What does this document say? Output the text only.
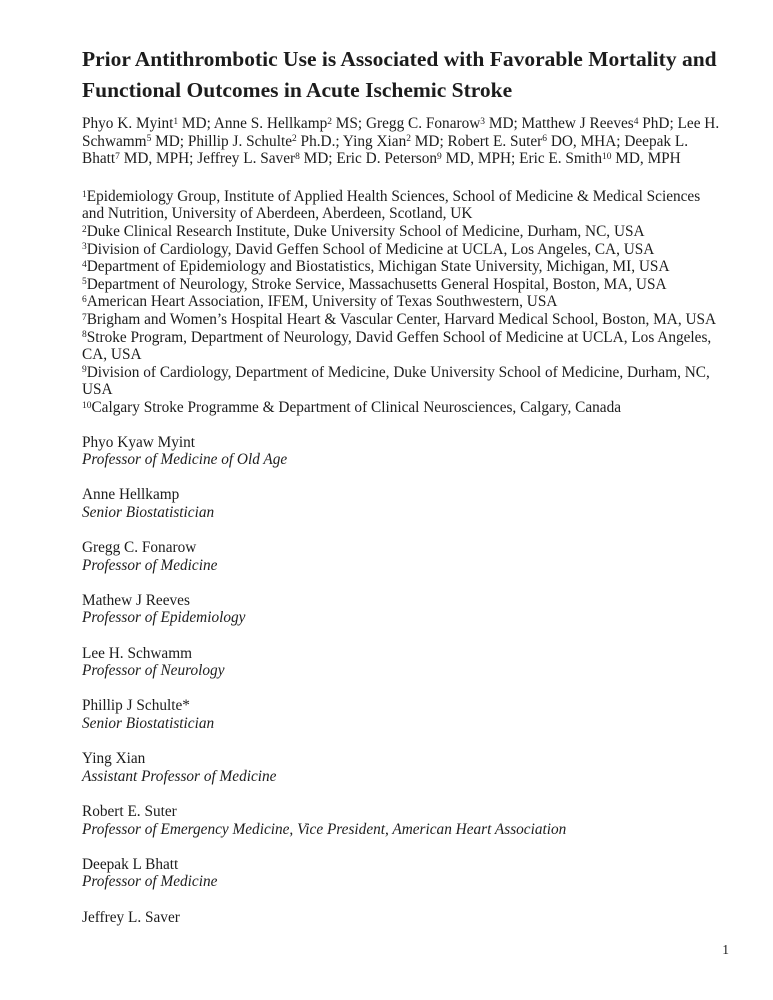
Prior Antithrombotic Use is Associated with Favorable Mortality and Functional Outcomes in Acute Ischemic Stroke

Phyo K. Myint$^1$ MD; Anne S. Hellkamp$^2$ MS; Gregg C. Fonarow$^3$ MD; Matthew J Reeves$^4$ PhD; Lee H. Schwamm$^5$ MD; Phillip J. Schulte$^2$ Ph.D.; Ying Xian$^2$ MD; Robert E. Suter$^6$ DO, MHA; Deepak L. Bhatt$^7$ MD, MPH; Jeffrey L. Saver$^8$ MD; Eric D. Peterson$^9$ MD, MPH; Eric E. Smith$^{10}$ MD, MPH

$^1$Epidemiology Group, Institute of Applied Health Sciences, School of Medicine & Medical Sciences and Nutrition, University of Aberdeen, Aberdeen, Scotland, UK
$^2$Duke Clinical Research Institute, Duke University School of Medicine, Durham, NC, USA
$^3$Division of Cardiology, David Geffen School of Medicine at UCLA, Los Angeles, CA, USA
$^4$Department of Epidemiology and Biostatistics, Michigan State University, Michigan, MI, USA
$^5$Department of Neurology, Stroke Service, Massachusetts General Hospital, Boston, MA, USA
$^6$American Heart Association, IFEM, University of Texas Southwestern, USA
$^7$Brigham and Women’s Hospital Heart & Vascular Center, Harvard Medical School, Boston, MA, USA
$^8$Stroke Program, Department of Neurology, David Geffen School of Medicine at UCLA, Los Angeles, CA, USA
$^9$Division of Cardiology, Department of Medicine, Duke University School of Medicine, Durham, NC, USA
$^{10}$Calgary Stroke Programme & Department of Clinical Neurosciences, Calgary, Canada
Phyo Kyaw Myint
Professor of Medicine of Old Age
Anne Hellkamp
Senior Biostatistician
Gregg C. Fonarow
Professor of Medicine
Mathew J Reeves
Professor of Epidemiology
Lee H. Schwamm
Professor of Neurology
Phillip J Schulte*
Senior Biostatistician
Ying Xian
Assistant Professor of Medicine
Robert E. Suter
Professor of Emergency Medicine, Vice President, American Heart Association
Deepak L Bhatt
Professor of Medicine
Jeffrey L. Saver
1
